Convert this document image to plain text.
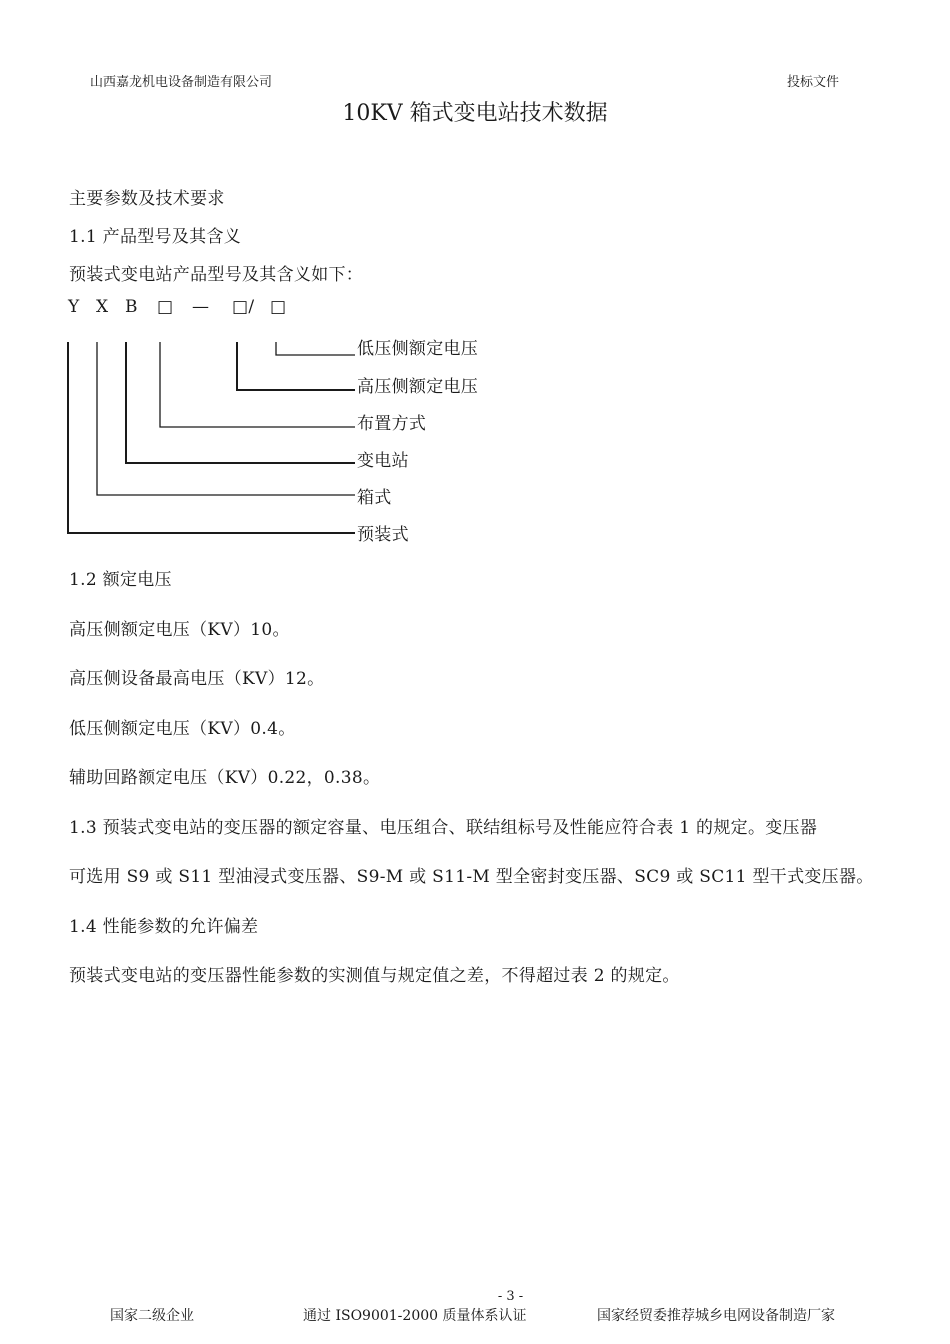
山西嘉龙机电设备制造有限公司	投标文件
10KV 箱式变电站技术数据
主要参数及技术要求
1.1 产品型号及其含义
预装式变电站产品型号及其含义如下：
Y X B □ — □/ □
低压侧额定电压
高压侧额定电压
布置方式
变电站
箱式
预装式
1.2 额定电压
高压侧额定电压（KV）10。
高压侧设备最高电压（KV）12。
低压侧额定电压（KV）0.4。
辅助回路额定电压（KV）0.22，0.38。
1.3 预装式变电站的变压器的额定容量、电压组合、联结组标号及性能应符合表 1 的规定。变压器
可选用 S9 或 S11 型油浸式变压器、S9-M 或 S11-M 型全密封变压器、SC9 或 SC11 型干式变压器。
1.4 性能参数的允许偏差
预装式变电站的变压器性能参数的实测值与规定值之差，不得超过表 2 的规定。
- 3 -
国家二级企业	通过 ISO9001-2000 质量体系认证	国家经贸委推荐城乡电网设备制造厂家
